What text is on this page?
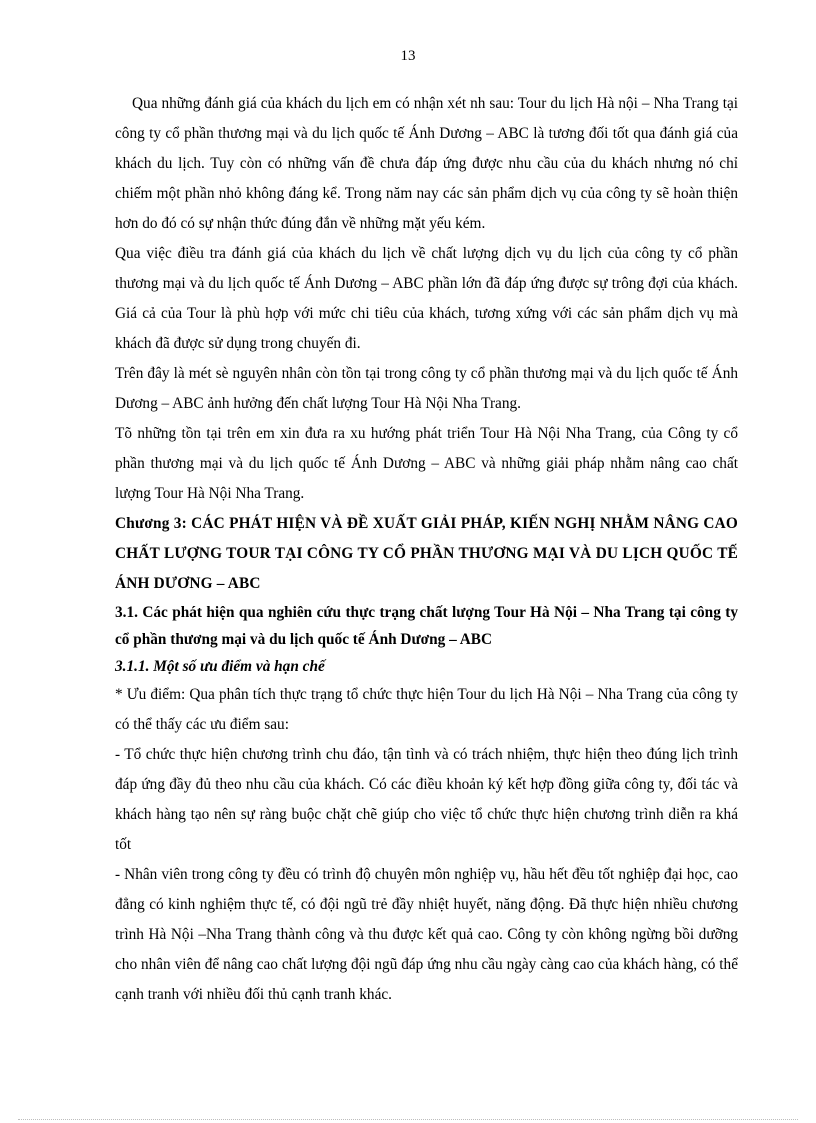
13

Qua những đánh giá của khách du lịch em có nhận xét nh sau: Tour du lịch Hà nội – Nha Trang tại công ty cổ phần thương mại và du lịch quốc tế Ánh Dương – ABC là tương đối tốt qua đánh giá của khách du lịch. Tuy còn có những vấn đề chưa đáp ứng được nhu cầu của du khách nhưng nó chỉ chiếm một phần nhỏ không đáng kể. Trong năm nay các sản phẩm dịch vụ của công ty sẽ hoàn thiện hơn do đó có sự nhận thức đúng đắn về những mặt yếu kém.

Qua việc điều tra đánh giá của khách du lịch về chất lượng dịch vụ du lịch của công ty cổ phần thương mại và du lịch quốc tế Ánh Dương – ABC phần lớn đã đáp ứng được sự trông đợi của khách. Giá cả của Tour là phù hợp với mức chi tiêu của khách, tương xứng với các sản phẩm dịch vụ mà khách đã được sử dụng trong chuyến đi.

Trên đây là mét sè nguyên nhân còn tồn tại trong công ty cổ phần thương mại và du lịch quốc tế Ánh Dương – ABC ảnh hưởng đến chất lượng Tour Hà Nội Nha Trang.

Tõ những tồn tại trên em xin đưa ra xu hướng phát triển Tour Hà Nội Nha Trang, của Công ty cổ phần thương mại và du lịch quốc tế Ánh Dương – ABC và những giải pháp nhằm nâng cao chất lượng Tour Hà Nội Nha Trang.

Chương 3: CÁC PHÁT HIỆN VÀ ĐỀ XUẤT GIẢI PHÁP, KIẾN NGHỊ NHẰM NÂNG CAO CHẤT LƯỢNG TOUR TẠI CÔNG TY CỔ PHẦN THƯƠNG MẠI VÀ DU LỊCH QUỐC TẾ ÁNH DƯƠNG – ABC

3.1. Các phát hiện qua nghiên cứu thực trạng chất lượng Tour Hà Nội – Nha Trang tại công ty cổ phần thương mại và du lịch quốc tế Ánh Dương – ABC

3.1.1. Một số ưu điểm và hạn chế

* Ưu điểm: Qua phân tích thực trạng tổ chức thực hiện Tour du lịch Hà Nội – Nha Trang của công ty có thể thấy các ưu điểm sau:

- Tổ chức thực hiện chương trình chu đáo, tận tình và có trách nhiệm, thực hiện theo đúng lịch trình đáp ứng đầy đủ theo nhu cầu của khách. Có các điều khoản ký kết hợp đồng giữa công ty, đối tác và khách hàng tạo nên sự ràng buộc chặt chẽ giúp cho việc tổ chức thực hiện chương trình diễn ra khá tốt

- Nhân viên trong công ty đều có trình độ chuyên môn nghiệp vụ, hầu hết đều tốt nghiệp đại học, cao đẳng có kinh nghiệm thực tế, có đội ngũ trẻ đầy nhiệt huyết, năng động. Đã thực hiện nhiều chương trình Hà Nội –Nha Trang thành công và thu được kết quả cao. Công ty còn không ngừng bồi dưỡng cho nhân viên để nâng cao chất lượng đội ngũ đáp ứng nhu cầu ngày càng cao của khách hàng, có thể cạnh tranh với nhiều đối thủ cạnh tranh khác.
